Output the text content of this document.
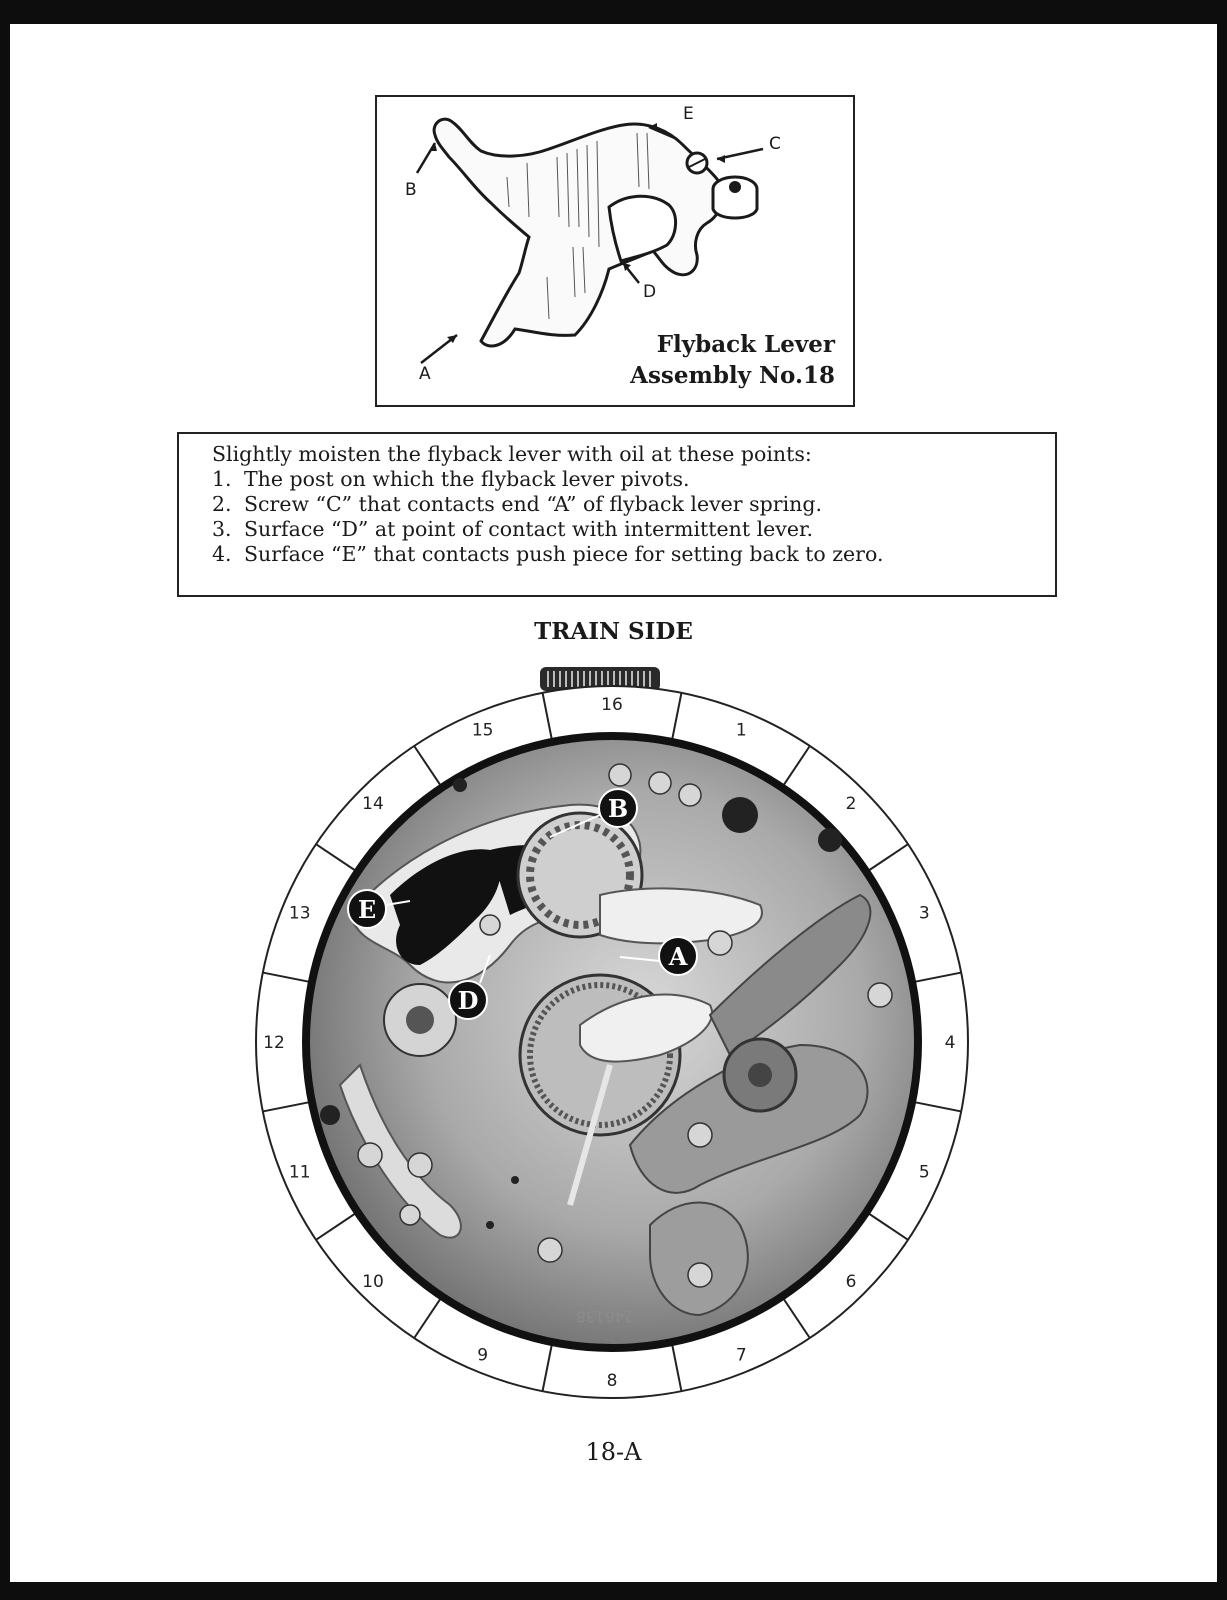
B
A
E
C
D
Flyback Lever
Assembly No.18
Slightly moisten the flyback lever with oil at these points:
1. The post on which the flyback lever pivots.
2. Screw “C” that contacts end “A” of flyback lever spring.
3. Surface “D” at point of contact with intermittent lever.
4. Surface “E” that contacts push piece for setting back to zero.
TRAIN SIDE
1
2
3
4
5
6
7
8
9
10
11
12
13
14
15
16
B
A
D
E
246138
18-A
